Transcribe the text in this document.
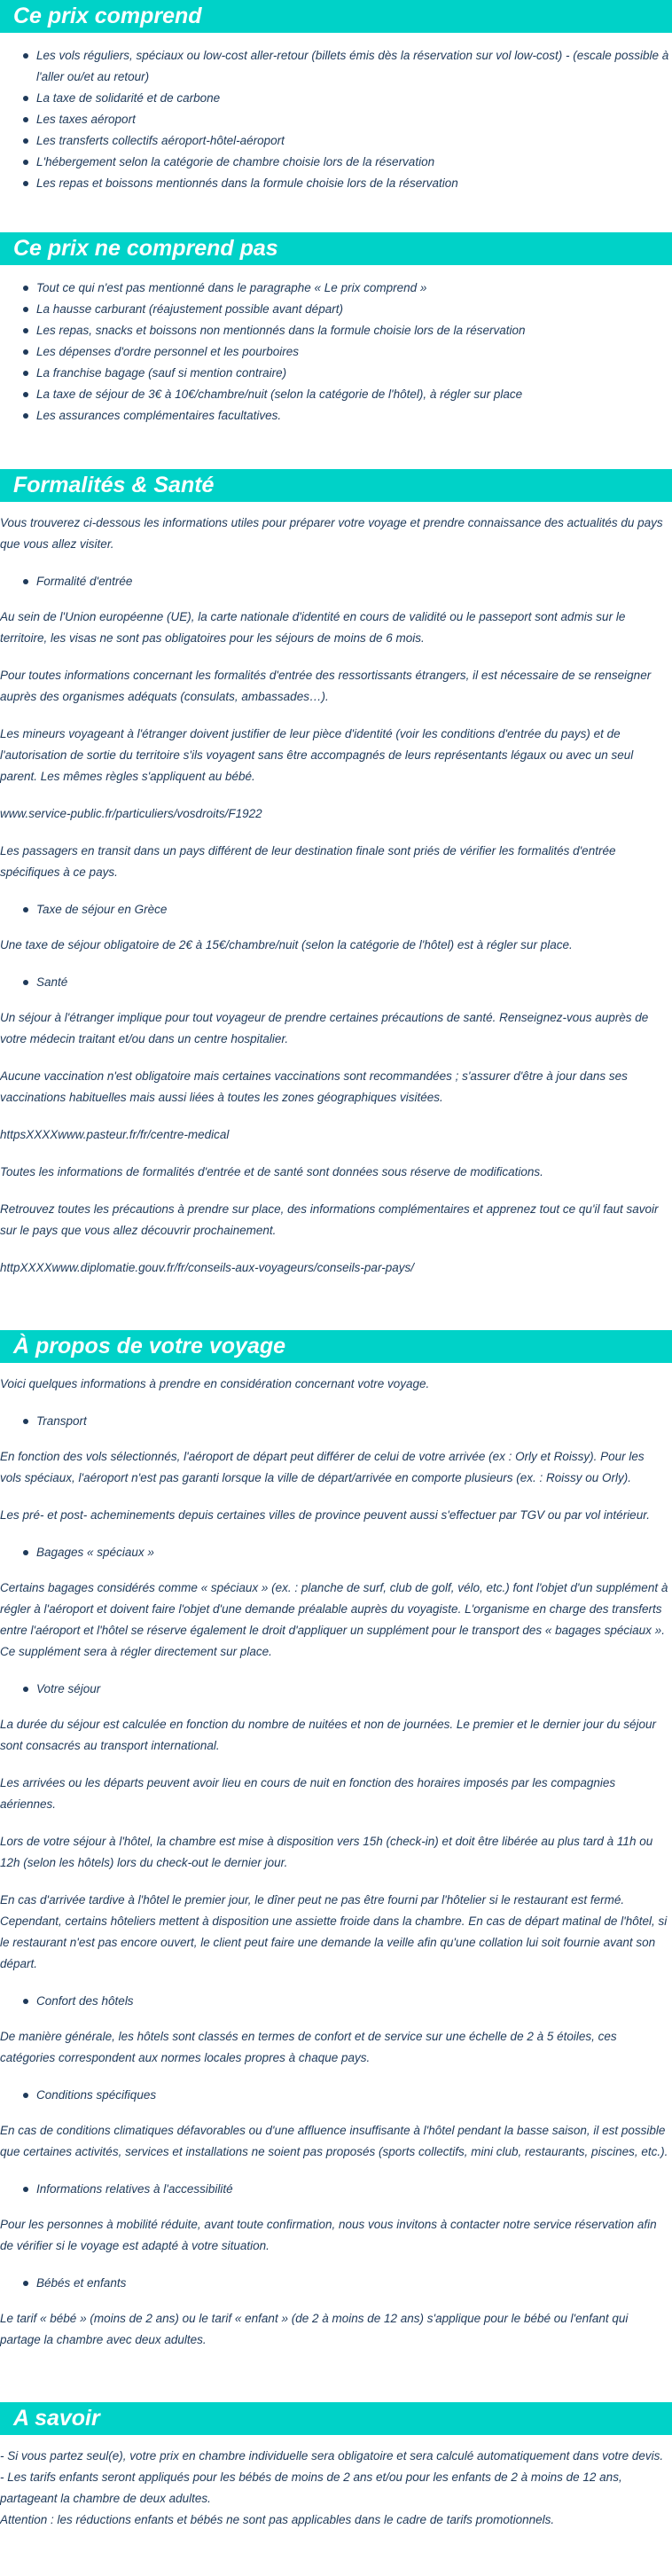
Ce prix comprend
Les vols réguliers, spéciaux ou low-cost aller-retour (billets émis dès la réservation sur vol low-cost) - (escale possible à l'aller ou/et au retour)
La taxe de solidarité et de carbone
Les taxes aéroport
Les transferts collectifs aéroport-hôtel-aéroport
L'hébergement selon la catégorie de chambre choisie lors de la réservation
Les repas et boissons mentionnés dans la formule choisie lors de la réservation
Ce prix ne comprend pas
Tout ce qui n'est pas mentionné dans le paragraphe « Le prix comprend »
La hausse carburant (réajustement possible avant départ)
Les repas, snacks et boissons non mentionnés dans la formule choisie lors de la réservation
Les dépenses d'ordre personnel et les pourboires
La franchise bagage (sauf si mention contraire)
La taxe de séjour de 3€ à 10€/chambre/nuit (selon la catégorie de l'hôtel), à régler sur place
Les assurances complémentaires facultatives.
Formalités & Santé

Vous trouverez ci-dessous les informations utiles pour préparer votre voyage et prendre connaissance des actualités du pays que vous allez visiter.

Formalité d'entrée

Au sein de l'Union européenne (UE), la carte nationale d'identité en cours de validité ou le passeport sont admis sur le territoire, les visas ne sont pas obligatoires pour les séjours de moins de 6 mois.

Pour toutes informations concernant les formalités d'entrée des ressortissants étrangers, il est nécessaire de se renseigner auprès des organismes adéquats (consulats, ambassades…).

Les mineurs voyageant à l'étranger doivent justifier de leur pièce d'identité (voir les conditions d'entrée du pays) et de l'autorisation de sortie du territoire s'ils voyagent sans être accompagnés de leurs représentants légaux ou avec un seul parent. Les mêmes règles s'appliquent au bébé.

www.service-public.fr/particuliers/vosdroits/F1922

Les passagers en transit dans un pays différent de leur destination finale sont priés de vérifier les formalités d'entrée spécifiques à ce pays.

Taxe de séjour en Grèce

Une taxe de séjour obligatoire de 2€ à 15€/chambre/nuit (selon la catégorie de l'hôtel) est à régler sur place.

Santé

Un séjour à l'étranger implique pour tout voyageur de prendre certaines précautions de santé. Renseignez-vous auprès de votre médecin traitant et/ou dans un centre hospitalier.

Aucune vaccination n'est obligatoire mais certaines vaccinations sont recommandées ; s'assurer d'être à jour dans ses vaccinations habituelles mais aussi liées à toutes les zones géographiques visitées.

httpsXXXXwww.pasteur.fr/fr/centre-medical

Toutes les informations de formalités d'entrée et de santé sont données sous réserve de modifications.

Retrouvez toutes les précautions à prendre sur place, des informations complémentaires et apprenez tout ce qu'il faut savoir sur le pays que vous allez découvrir prochainement.

httpXXXXwww.diplomatie.gouv.fr/fr/conseils-aux-voyageurs/conseils-par-pays/

À propos de votre voyage

Voici quelques informations à prendre en considération concernant votre voyage.

Transport

En fonction des vols sélectionnés, l'aéroport de départ peut différer de celui de votre arrivée (ex : Orly et Roissy). Pour les vols spéciaux, l'aéroport n'est pas garanti lorsque la ville de départ/arrivée en comporte plusieurs (ex. : Roissy ou Orly).

Les pré- et post- acheminements depuis certaines villes de province peuvent aussi s'effectuer par TGV ou par vol intérieur.

Bagages « spéciaux »

Certains bagages considérés comme « spéciaux » (ex. : planche de surf, club de golf, vélo, etc.) font l'objet d'un supplément à régler à l'aéroport et doivent faire l'objet d'une demande préalable auprès du voyagiste. L'organisme en charge des transferts entre l'aéroport et l'hôtel se réserve également le droit d'appliquer un supplément pour le transport des « bagages spéciaux ». Ce supplément sera à régler directement sur place.

Votre séjour

La durée du séjour est calculée en fonction du nombre de nuitées et non de journées. Le premier et le dernier jour du séjour sont consacrés au transport international.

Les arrivées ou les départs peuvent avoir lieu en cours de nuit en fonction des horaires imposés par les compagnies aériennes.

Lors de votre séjour à l'hôtel, la chambre est mise à disposition vers 15h (check-in) et doit être libérée au plus tard à 11h ou 12h (selon les hôtels) lors du check-out le dernier jour.

En cas d'arrivée tardive à l'hôtel le premier jour, le dîner peut ne pas être fourni par l'hôtelier si le restaurant est fermé. Cependant, certains hôteliers mettent à disposition une assiette froide dans la chambre. En cas de départ matinal de l'hôtel, si le restaurant n'est pas encore ouvert, le client peut faire une demande la veille afin qu'une collation lui soit fournie avant son départ.

Confort des hôtels

De manière générale, les hôtels sont classés en termes de confort et de service sur une échelle de 2 à 5 étoiles, ces catégories correspondent aux normes locales propres à chaque pays.

Conditions spécifiques

En cas de conditions climatiques défavorables ou d'une affluence insuffisante à l'hôtel pendant la basse saison, il est possible que certaines activités, services et installations ne soient pas proposés (sports collectifs, mini club, restaurants, piscines, etc.).

Informations relatives à l'accessibilité

Pour les personnes à mobilité réduite, avant toute confirmation, nous vous invitons à contacter notre service réservation afin de vérifier si le voyage est adapté à votre situation.

Bébés et enfants

Le tarif « bébé » (moins de 2 ans) ou le tarif « enfant » (de 2 à moins de 12 ans) s'applique pour le bébé ou l'enfant qui partage la chambre avec deux adultes.

A savoir
- Si vous partez seul(e), votre prix en chambre individuelle sera obligatoire et sera calculé automatiquement dans votre devis.
- Les tarifs enfants seront appliqués pour les bébés de moins de 2 ans et/ou pour les enfants de 2 à moins de 12 ans, partageant la chambre de deux adultes.
Attention : les réductions enfants et bébés ne sont pas applicables dans le cadre de tarifs promotionnels.
